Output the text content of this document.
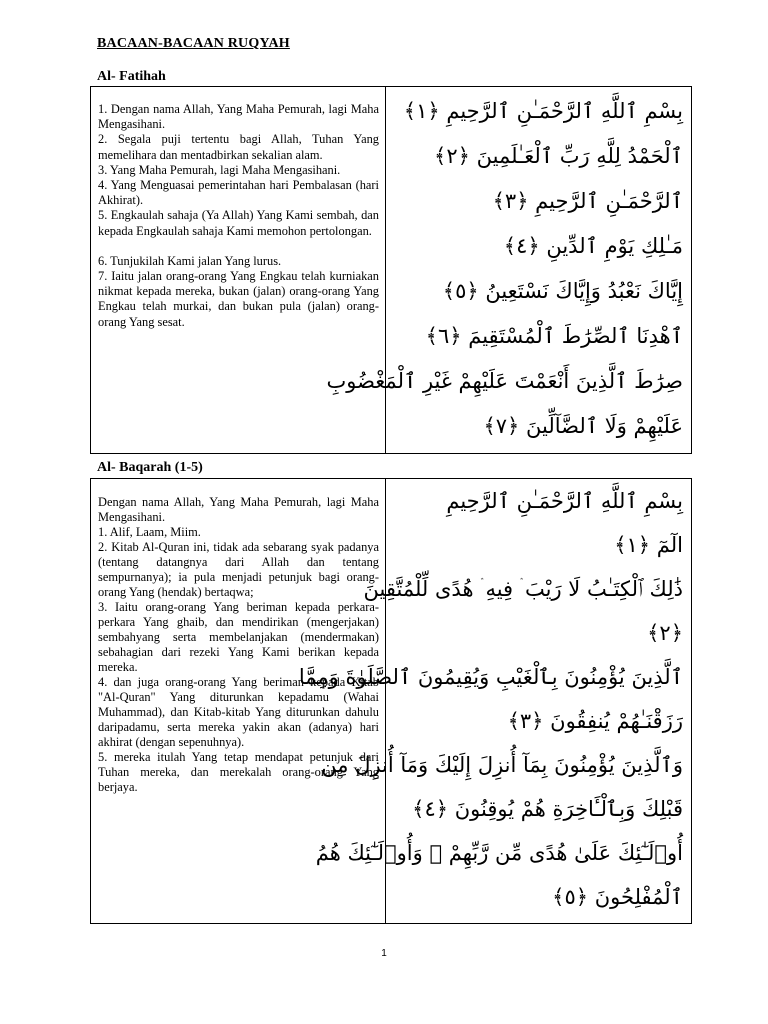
BACAAN-BACAAN RUQYAH
Al- Fatihah

1. Dengan nama Allah, Yang Maha Pemurah, lagi Maha Mengasihani.

2. Segala puji tertentu bagi Allah, Tuhan Yang memelihara dan mentadbirkan sekalian alam.

3. Yang Maha Pemurah, lagi Maha Mengasihani.

4. Yang Menguasai pemerintahan hari Pembalasan (hari Akhirat).

5. Engkaulah sahaja (Ya Allah) Yang Kami sembah, dan kepada Engkaulah sahaja Kami memohon pertolongan.

6. Tunjukilah Kami jalan Yang lurus.

7. Iaitu jalan orang-orang Yang Engkau telah kurniakan nikmat kepada mereka, bukan (jalan) orang-orang Yang Engkau telah murkai, dan bukan pula (jalan) orang-orang Yang sesat.

بِسْمِ ٱللَّهِ ٱلرَّحْمَـٰنِ ٱلرَّحِيمِ ﴿١﴾
ٱلْحَمْدُ لِلَّهِ رَبِّ ٱلْعَـٰلَمِينَ ﴿٢﴾
ٱلرَّحْمَـٰنِ ٱلرَّحِيمِ ﴿٣﴾
مَـٰلِكِ يَوْمِ ٱلدِّينِ ﴿٤﴾
إِيَّاكَ نَعْبُدُ وَإِيَّاكَ نَسْتَعِينُ ﴿٥﴾
ٱهْدِنَا ٱلصِّرَٰطَ ٱلْمُسْتَقِيمَ ﴿٦﴾
صِرَٰطَ ٱلَّذِينَ أَنْعَمْتَ عَلَيْهِمْ غَيْرِ ٱلْمَغْضُوبِ
عَلَيْهِمْ وَلَا ٱلضَّآلِّينَ ﴿٧﴾
Al- Baqarah (1-5)

Dengan nama Allah, Yang Maha Pemurah, lagi Maha Mengasihani.

1. Alif, Laam, Miim.

2. Kitab Al-Quran ini, tidak ada sebarang syak padanya (tentang datangnya dari Allah dan tentang sempurnanya); ia pula menjadi petunjuk bagi orang-orang Yang (hendak) bertaqwa;

3. Iaitu orang-orang Yang beriman kepada perkara-perkara Yang ghaib, dan mendirikan (mengerjakan) sembahyang serta membelanjakan (mendermakan) sebahagian dari rezeki Yang Kami berikan kepada mereka.

4. dan juga orang-orang Yang beriman kepada Kitab "Al-Quran" Yang diturunkan kepadamu (Wahai Muhammad), dan Kitab-kitab Yang diturunkan dahulu daripadamu, serta mereka yakin akan (adanya) hari akhirat (dengan sepenuhnya).

5. mereka itulah Yang tetap mendapat petunjuk dari Tuhan mereka, dan merekalah orang-orang Yang berjaya.

بِسْمِ ٱللَّهِ ٱلرَّحْمَـٰنِ ٱلرَّحِيمِ
الٓمٓ ﴿١﴾
ذَٰلِكَ ٱلْكِتَـٰبُ لَا رَيْبَ ۛ فِيهِ ۛ هُدًى لِّلْمُتَّقِينَ
﴿٢﴾
ٱلَّذِينَ يُؤْمِنُونَ بِٱلْغَيْبِ وَيُقِيمُونَ ٱلصَّلَوٰةَ وَمِمَّا
رَزَقْنَـٰهُمْ يُنفِقُونَ ﴿٣﴾
وَٱلَّذِينَ يُؤْمِنُونَ بِمَآ أُنزِلَ إِلَيْكَ وَمَآ أُنزِلَ مِن
قَبْلِكَ وَبِٱلْـَٔاخِرَةِ هُمْ يُوقِنُونَ ﴿٤﴾
أُو۟لَـٰٓئِكَ عَلَىٰ هُدًى مِّن رَّبِّهِمْ ۖ وَأُو۟لَـٰٓئِكَ هُمُ
ٱلْمُفْلِحُونَ ﴿٥﴾
1
